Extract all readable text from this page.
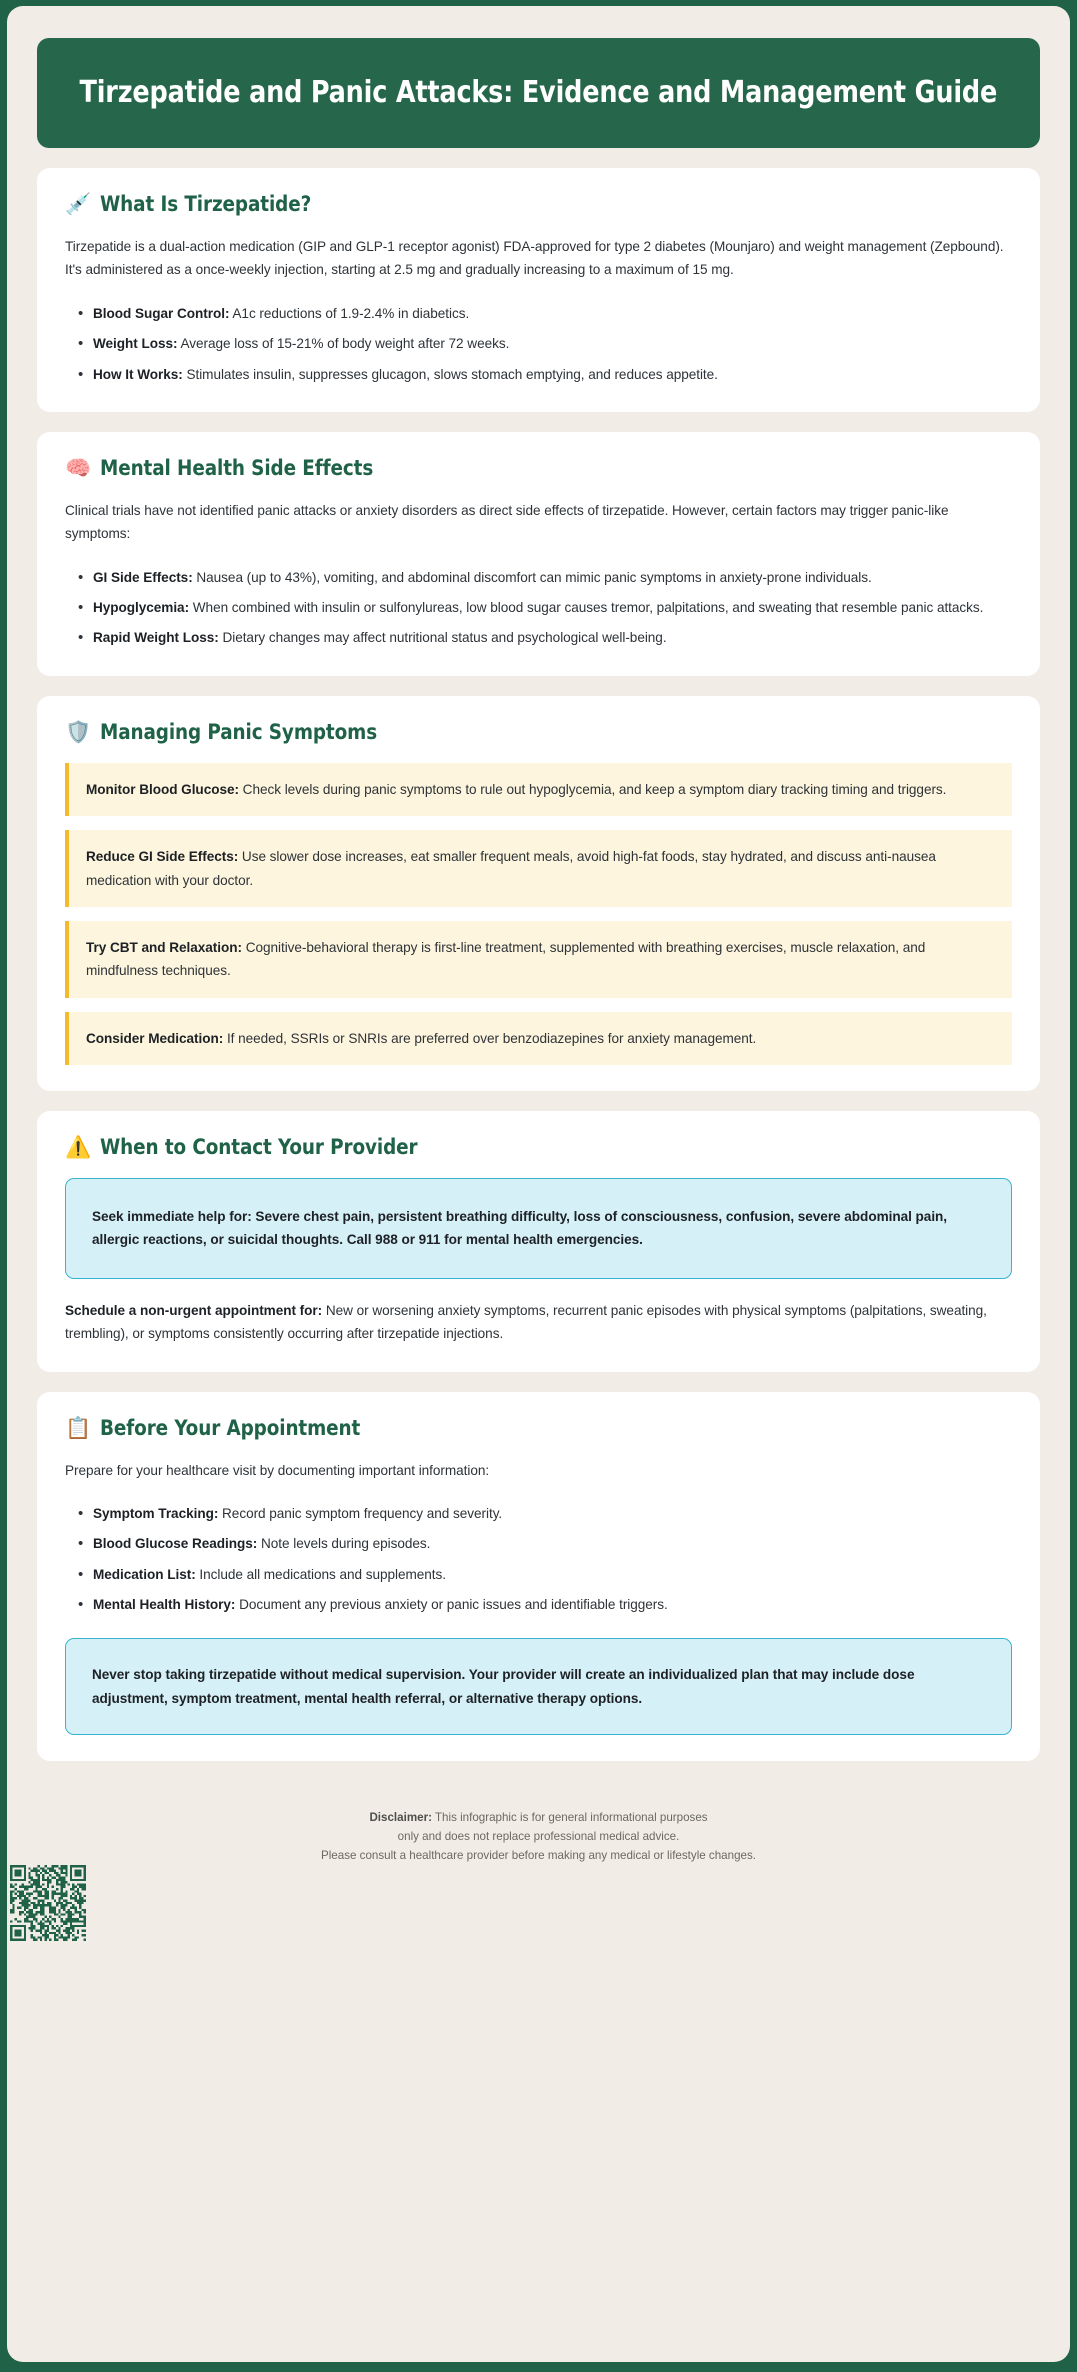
Tirzepatide and Panic Attacks: Evidence and Management Guide
💉 What Is Tirzepatide?

Tirzepatide is a dual-action medication (GIP and GLP-1 receptor agonist) FDA-approved for type 2 diabetes (Mounjaro) and weight management (Zepbound). It's administered as a once-weekly injection, starting at 2.5 mg and gradually increasing to a maximum of 15 mg.

• Blood Sugar Control: A1c reductions of 1.9-2.4% in diabetics.
• Weight Loss: Average loss of 15-21% of body weight after 72 weeks.
• How It Works: Stimulates insulin, suppresses glucagon, slows stomach emptying, and reduces appetite.
🧠 Mental Health Side Effects

Clinical trials have not identified panic attacks or anxiety disorders as direct side effects of tirzepatide. However, certain factors may trigger panic-like symptoms:

• GI Side Effects: Nausea (up to 43%), vomiting, and abdominal discomfort can mimic panic symptoms in anxiety-prone individuals.
• Hypoglycemia: When combined with insulin or sulfonylureas, low blood sugar causes tremor, palpitations, and sweating that resemble panic attacks.
• Rapid Weight Loss: Dietary changes may affect nutritional status and psychological well-being.
🛡️ Managing Panic Symptoms
Monitor Blood Glucose: Check levels during panic symptoms to rule out hypoglycemia, and keep a symptom diary tracking timing and triggers.
Reduce GI Side Effects: Use slower dose increases, eat smaller frequent meals, avoid high-fat foods, stay hydrated, and discuss anti-nausea medication with your doctor.
Try CBT and Relaxation: Cognitive-behavioral therapy is first-line treatment, supplemented with breathing exercises, muscle relaxation, and mindfulness techniques.
Consider Medication: If needed, SSRIs or SNRIs are preferred over benzodiazepines for anxiety management.
⚠️ When to Contact Your Provider
Seek immediate help for: Severe chest pain, persistent breathing difficulty, loss of consciousness, confusion, severe abdominal pain, allergic reactions, or suicidal thoughts. Call 988 or 911 for mental health emergencies.
Schedule a non-urgent appointment for: New or worsening anxiety symptoms, recurrent panic episodes with physical symptoms (palpitations, sweating, trembling), or symptoms consistently occurring after tirzepatide injections.
📋 Before Your Appointment

Prepare for your healthcare visit by documenting important information:

• Symptom Tracking: Record panic symptom frequency and severity.
• Blood Glucose Readings: Note levels during episodes.
• Medication List: Include all medications and supplements.
• Mental Health History: Document any previous anxiety or panic issues and identifiable triggers.
Never stop taking tirzepatide without medical supervision. Your provider will create an individualized plan that may include dose adjustment, symptom treatment, mental health referral, or alternative therapy options.
Disclaimer: This infographic is for general informational purposes
only and does not replace professional medical advice.
Please consult a healthcare provider before making any medical or lifestyle changes.
